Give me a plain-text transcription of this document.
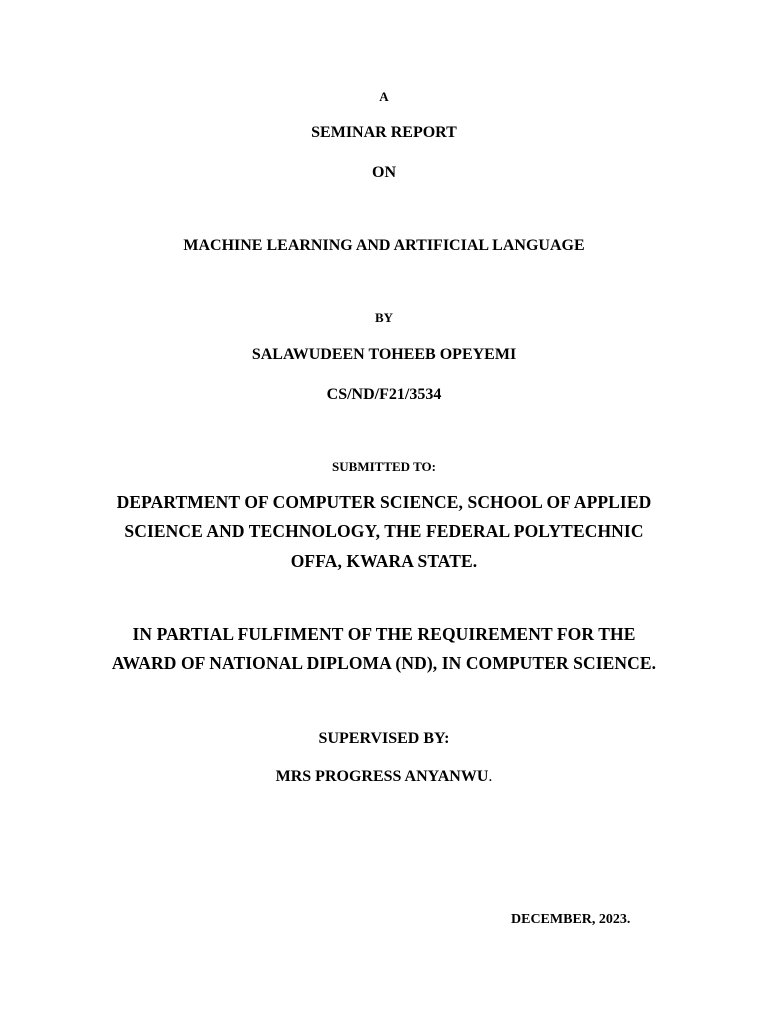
A
SEMINAR REPORT
ON
MACHINE LEARNING AND ARTIFICIAL LANGUAGE
BY
SALAWUDEEN TOHEEB OPEYEMI
CS/ND/F21/3534
SUBMITTED TO:
DEPARTMENT OF COMPUTER SCIENCE, SCHOOL OF APPLIED
SCIENCE AND TECHNOLOGY, THE FEDERAL POLYTECHNIC
OFFA, KWARA STATE.
IN PARTIAL FULFIMENT OF THE REQUIREMENT FOR THE
AWARD OF NATIONAL DIPLOMA (ND), IN COMPUTER SCIENCE.
SUPERVISED BY:
MRS PROGRESS ANYANWU.
DECEMBER, 2023.
